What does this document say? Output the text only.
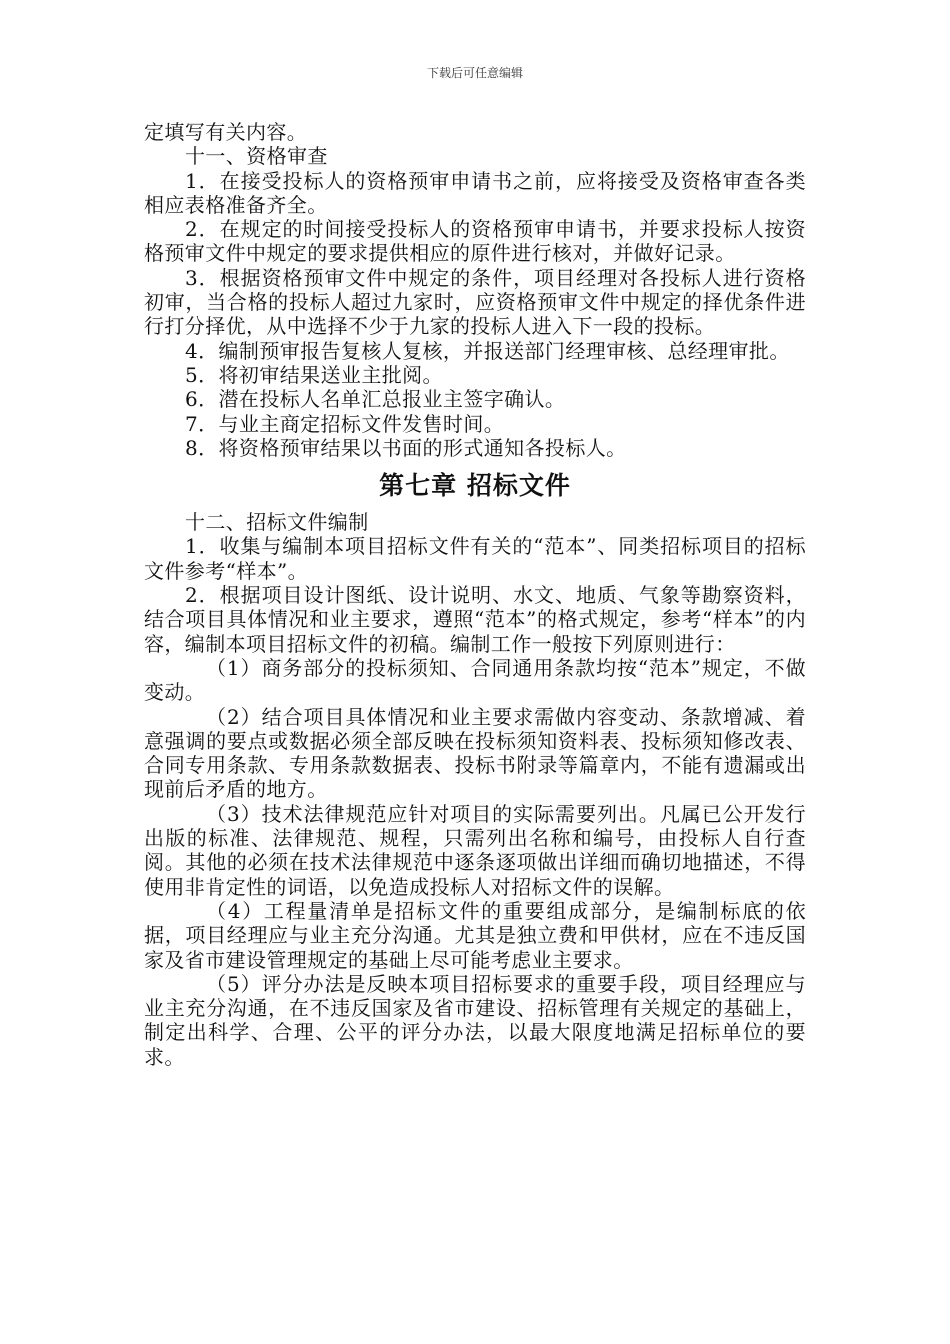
下载后可任意编辑

定填写有关内容。

十一、资格审查

1．在接受投标人的资格预审申请书之前，应将接受及资格审查各类相应表格准备齐全。

2．在规定的时间接受投标人的资格预审申请书，并要求投标人按资格预审文件中规定的要求提供相应的原件进行核对，并做好记录。

3．根据资格预审文件中规定的条件，项目经理对各投标人进行资格初审，当合格的投标人超过九家时，应资格预审文件中规定的择优条件进行打分择优，从中选择不少于九家的投标人进入下一段的投标。

4．编制预审报告复核人复核，并报送部门经理审核、总经理审批。

5．将初审结果送业主批阅。

6．潜在投标人名单汇总报业主签字确认。

7．与业主商定招标文件发售时间。

8．将资格预审结果以书面的形式通知各投标人。

第七章 招标文件

十二、招标文件编制

1．收集与编制本项目招标文件有关的“范本”、同类招标项目的招标文件参考“样本”。

2．根据项目设计图纸、设计说明、水文、地质、气象等勘察资料，结合项目具体情况和业主要求，遵照“范本”的格式规定，参考“样本”的内容，编制本项目招标文件的初稿。编制工作一般按下列原则进行：

（1）商务部分的投标须知、合同通用条款均按“范本”规定，不做变动。

（2）结合项目具体情况和业主要求需做内容变动、条款增减、着意强调的要点或数据必须全部反映在投标须知资料表、投标须知修改表、合同专用条款、专用条款数据表、投标书附录等篇章内，不能有遗漏或出现前后矛盾的地方。

（3）技术法律规范应针对项目的实际需要列出。凡属已公开发行出版的标准、法律规范、规程，只需列出名称和编号，由投标人自行查阅。其他的必须在技术法律规范中逐条逐项做出详细而确切地描述，不得使用非肯定性的词语，以免造成投标人对招标文件的误解。

（4）工程量清单是招标文件的重要组成部分，是编制标底的依据，项目经理应与业主充分沟通。尤其是独立费和甲供材，应在不违反国家及省市建设管理规定的基础上尽可能考虑业主要求。

（5）评分办法是反映本项目招标要求的重要手段，项目经理应与业主充分沟通，在不违反国家及省市建设、招标管理有关规定的基础上，制定出科学、合理、公平的评分办法，以最大限度地满足招标单位的要求。
